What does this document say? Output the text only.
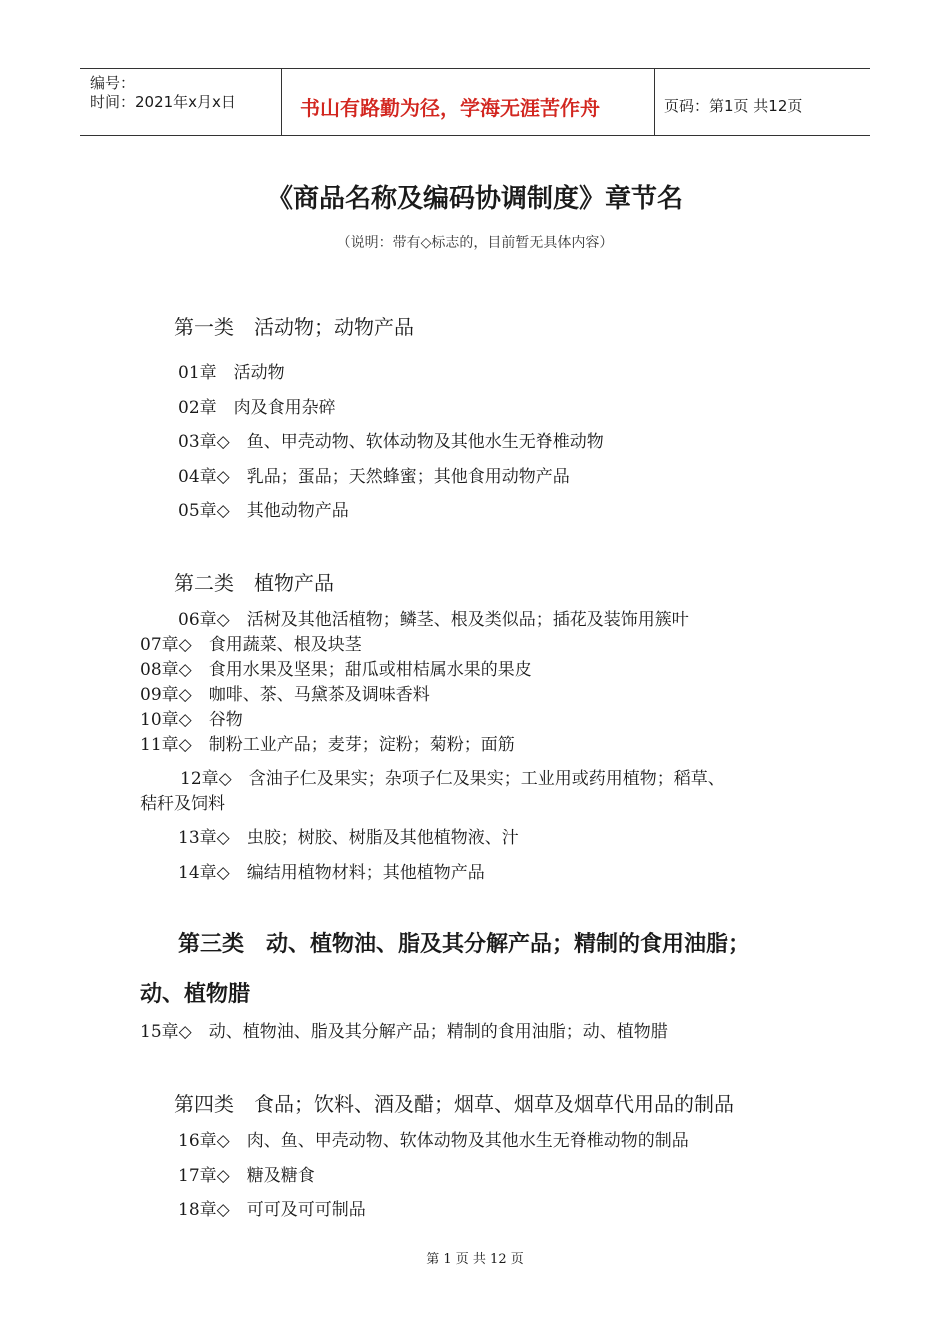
编号：
时间：2021年x月x日	书山有路勤为径，学海无涯苦作舟	页码：第1页 共12页
《商品名称及编码协调制度》章节名
（说明：带有◇标志的，目前暂无具体内容）
第一类　活动物；动物产品
01章　活动物
02章　肉及食用杂碎
03章◇　鱼、甲壳动物、软体动物及其他水生无脊椎动物
04章◇　乳品；蛋品；天然蜂蜜；其他食用动物产品
05章◇　其他动物产品
第二类　植物产品
06章◇　活树及其他活植物；鳞茎、根及类似品；插花及装饰用簇叶
07章◇　食用蔬菜、根及块茎
08章◇　食用水果及坚果；甜瓜或柑桔属水果的果皮
09章◇　咖啡、茶、马黛茶及调味香料
10章◇　谷物
11章◇　制粉工业产品；麦芽；淀粉；菊粉；面筋
12章◇　含油子仁及果实；杂项子仁及果实；工业用或药用植物；稻草、
秸秆及饲料
13章◇　虫胶；树胶、树脂及其他植物液、汁
14章◇　编结用植物材料；其他植物产品
第三类　动、植物油、脂及其分解产品；精制的食用油脂；
动、植物腊
15章◇　动、植物油、脂及其分解产品；精制的食用油脂；动、植物腊
第四类　食品；饮料、酒及醋；烟草、烟草及烟草代用品的制品
16章◇　肉、鱼、甲壳动物、软体动物及其他水生无脊椎动物的制品
17章◇　糖及糖食
18章◇　可可及可可制品
第 1 页 共 12 页
